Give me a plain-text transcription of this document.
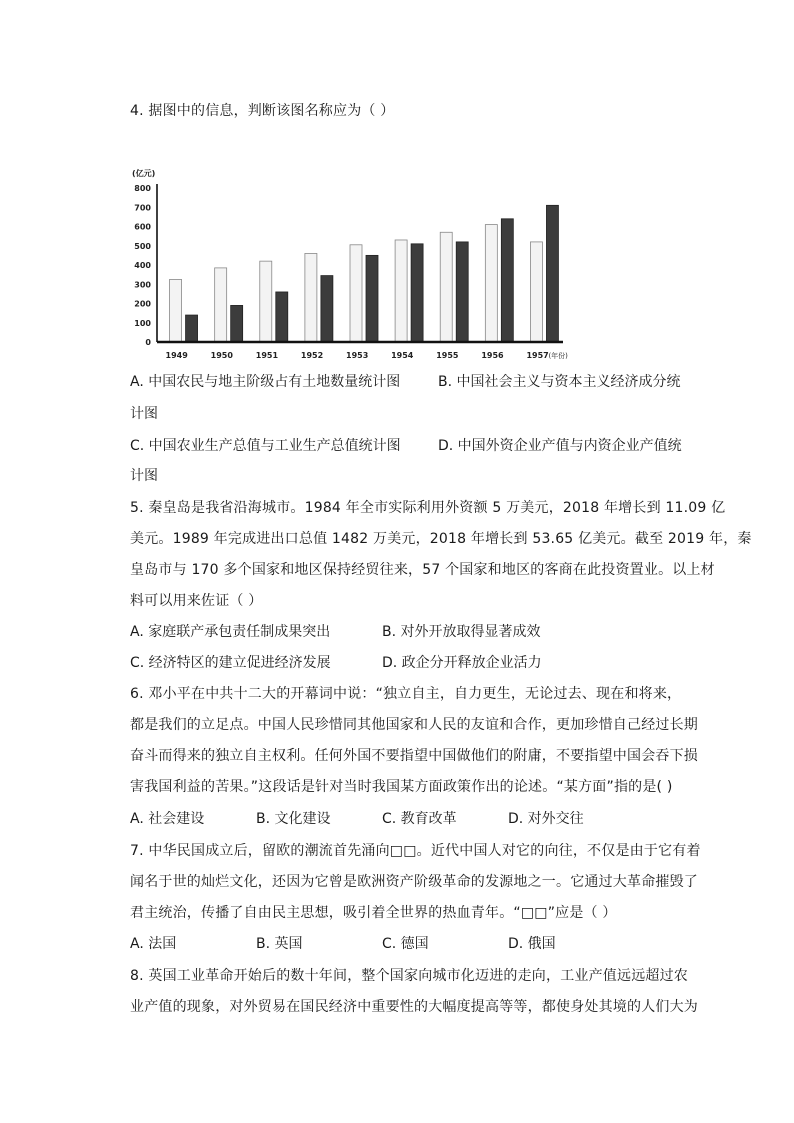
4. 据图中的信息，判断该图名称应为（ ）
(亿元)
0
100
200
300
400
500
600
700
800
1949	1950	1951	1952	1953	1954	1955	1956	1957 (年份)
A. 中国农民与地主阶级占有土地数量统计图	B. 中国社会主义与资本主义经济成分统
计图
C. 中国农业生产总值与工业生产总值统计图	D. 中国外资企业产值与内资企业产值统
计图
5. 秦皇岛是我省沿海城市。1984 年全市实际利用外资额 5 万美元，2018 年增长到 11.09 亿
美元。1989 年完成进出口总值 1482 万美元，2018 年增长到 53.65 亿美元。截至 2019 年，秦
皇岛市与 170 多个国家和地区保持经贸往来，57 个国家和地区的客商在此投资置业。以上材
料可以用来佐证（ ）
A. 家庭联产承包责任制成果突出	B. 对外开放取得显著成效
C. 经济特区的建立促进经济发展	D. 政企分开释放企业活力
6. 邓小平在中共十二大的开幕词中说：“独立自主，自力更生，无论过去、现在和将来，
都是我们的立足点。中国人民珍惜同其他国家和人民的友谊和合作，更加珍惜自己经过长期
奋斗而得来的独立自主权利。任何外国不要指望中国做他们的附庸，不要指望中国会吞下损
害我国利益的苦果。”这段话是针对当时我国某方面政策作出的论述。“某方面”指的是( )
A. 社会建设	B. 文化建设	C. 教育改革	D. 对外交往
7. 中华民国成立后，留欧的潮流首先涌向□□。近代中国人对它的向往，不仅是由于它有着
闻名于世的灿烂文化，还因为它曾是欧洲资产阶级革命的发源地之一。它通过大革命摧毁了
君主统治，传播了自由民主思想，吸引着全世界的热血青年。“□□”应是（ ）
A. 法国	B. 英国	C. 德国	D. 俄国
8. 英国工业革命开始后的数十年间，整个国家向城市化迈进的走向，工业产值远远超过农
业产值的现象，对外贸易在国民经济中重要性的大幅度提高等等，都使身处其境的人们大为
